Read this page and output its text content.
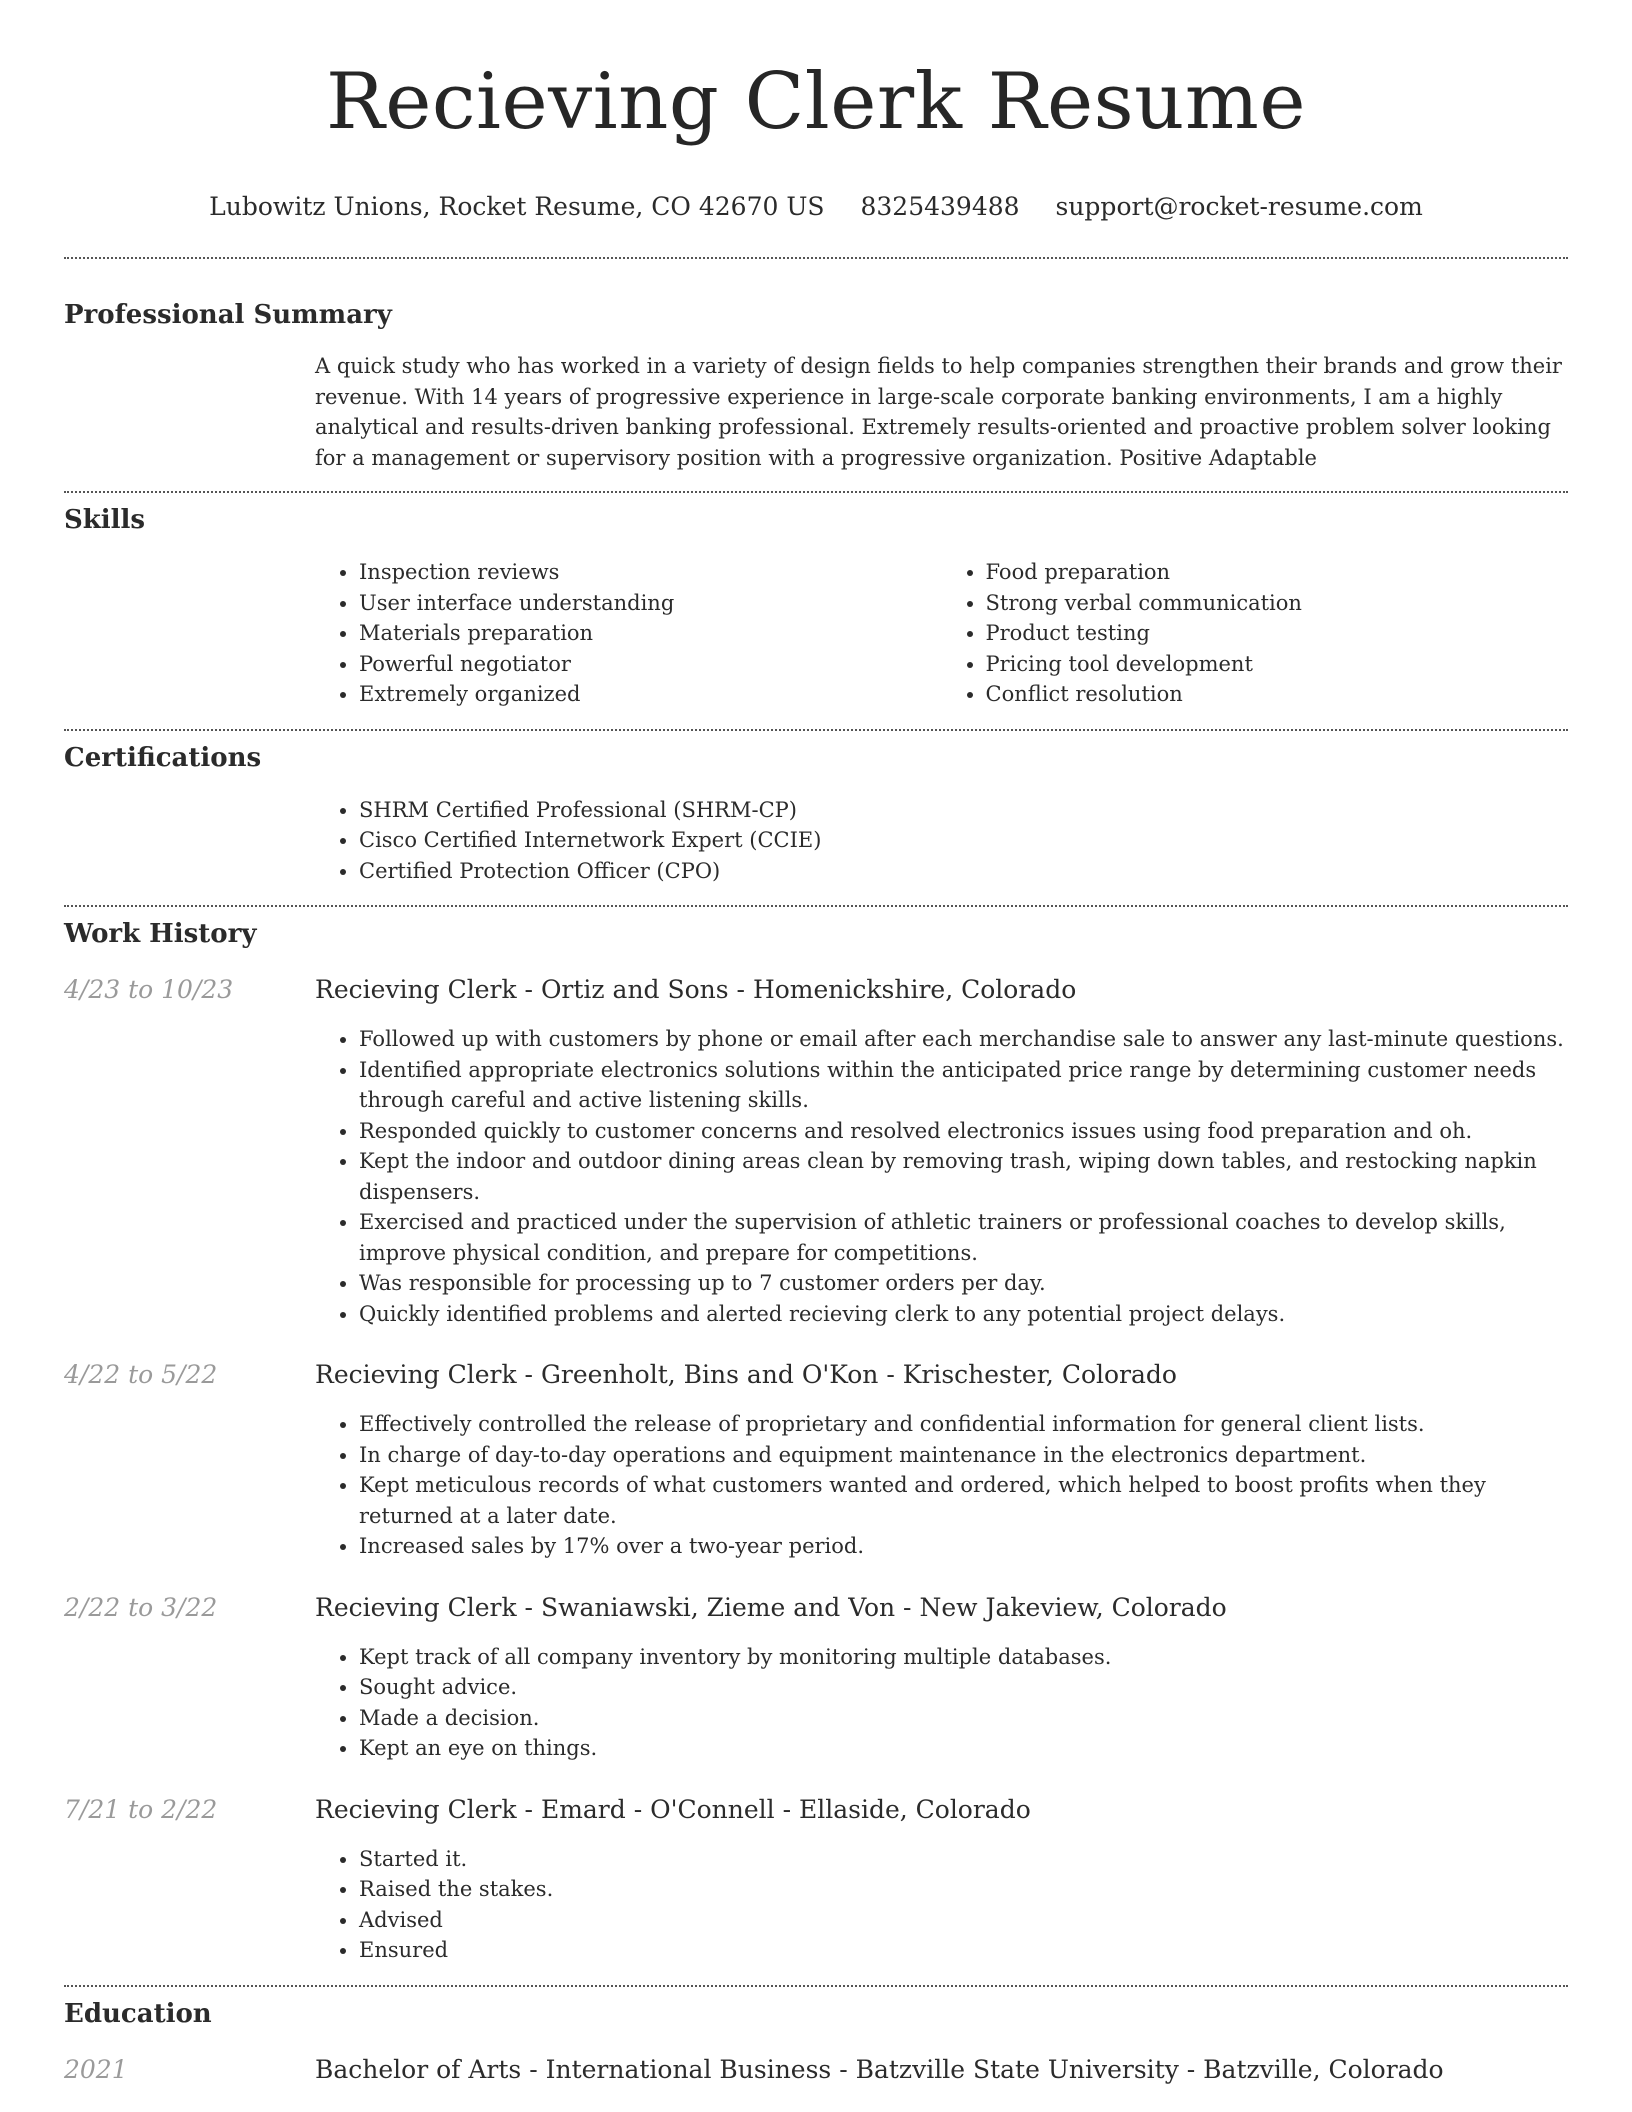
Recieving Clerk Resume
Lubowitz Unions, Rocket Resume, CO 42670 US 8325439488 support@rocket-resume.com
Professional Summary
A quick study who has worked in a variety of design fields to help companies strengthen their brands and grow their revenue. With 14 years of progressive experience in large-scale corporate banking environments, I am a highly analytical and results-driven banking professional. Extremely results-oriented and proactive problem solver looking for a management or supervisory position with a progressive organization. Positive Adaptable
Skills
• Inspection reviews
• User interface understanding
• Materials preparation
• Powerful negotiator
• Extremely organized
• Food preparation
• Strong verbal communication
• Product testing
• Pricing tool development
• Conflict resolution
Certifications
• SHRM Certified Professional (SHRM-CP)
• Cisco Certified Internetwork Expert (CCIE)
• Certified Protection Officer (CPO)
Work History
4/23 to 10/23	Recieving Clerk - Ortiz and Sons - Homenickshire, Colorado
• Followed up with customers by phone or email after each merchandise sale to answer any last-minute questions.
• Identified appropriate electronics solutions within the anticipated price range by determining customer needs through careful and active listening skills.
• Responded quickly to customer concerns and resolved electronics issues using food preparation and oh.
• Kept the indoor and outdoor dining areas clean by removing trash, wiping down tables, and restocking napkin dispensers.
• Exercised and practiced under the supervision of athletic trainers or professional coaches to develop skills, improve physical condition, and prepare for competitions.
• Was responsible for processing up to 7 customer orders per day.
• Quickly identified problems and alerted recieving clerk to any potential project delays.
4/22 to 5/22	Recieving Clerk - Greenholt, Bins and O'Kon - Krischester, Colorado
• Effectively controlled the release of proprietary and confidential information for general client lists.
• In charge of day-to-day operations and equipment maintenance in the electronics department.
• Kept meticulous records of what customers wanted and ordered, which helped to boost profits when they returned at a later date.
• Increased sales by 17% over a two-year period.
2/22 to 3/22	Recieving Clerk - Swaniawski, Zieme and Von - New Jakeview, Colorado
• Kept track of all company inventory by monitoring multiple databases.
• Sought advice.
• Made a decision.
• Kept an eye on things.
7/21 to 2/22	Recieving Clerk - Emard - O'Connell - Ellaside, Colorado
• Started it.
• Raised the stakes.
• Advised
• Ensured
Education
2021	Bachelor of Arts - International Business - Batzville State University - Batzville, Colorado
